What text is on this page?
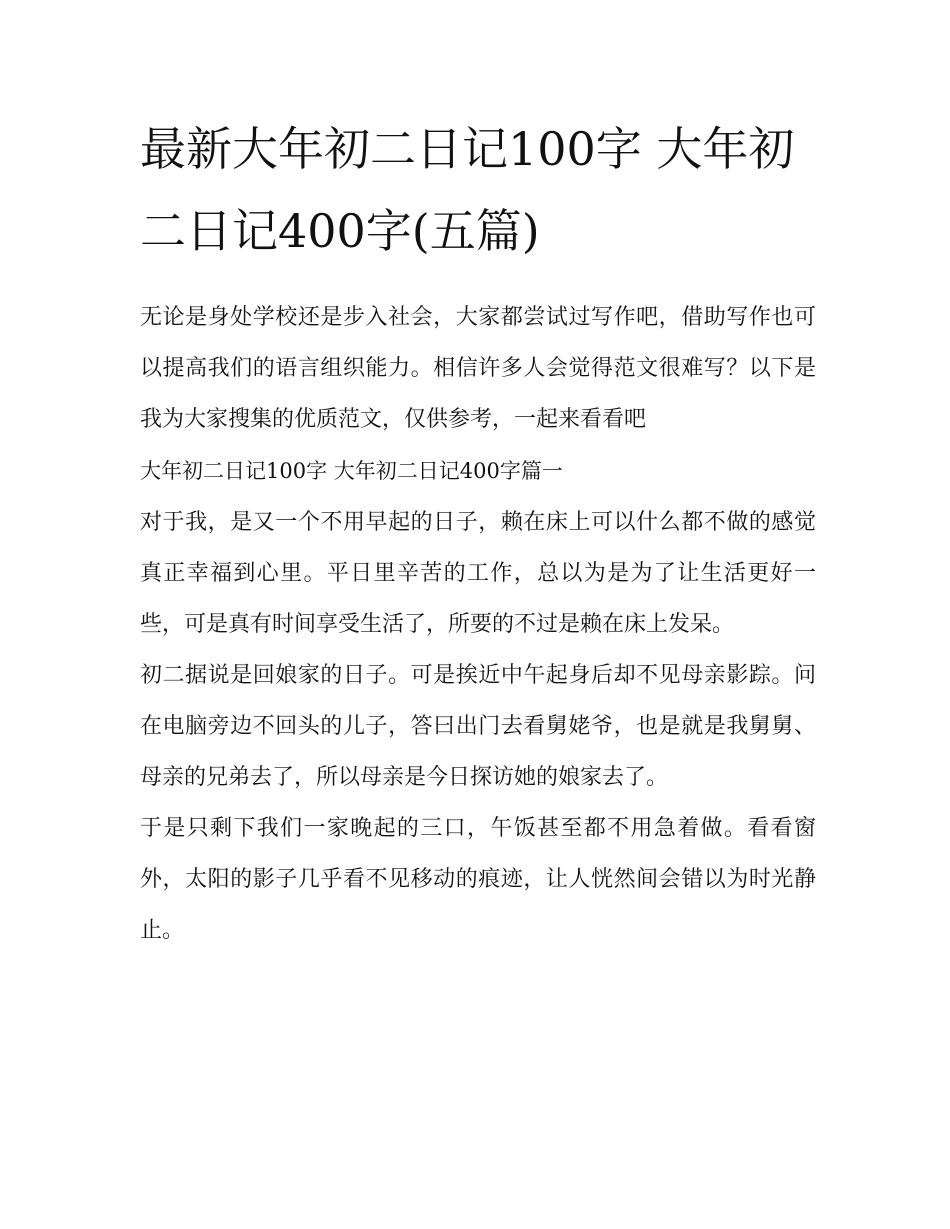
最新大年初二日记100字 大年初二日记400字(五篇)

无论是身处学校还是步入社会，大家都尝试过写作吧，借助写作也可以提高我们的语言组织能力。相信许多人会觉得范文很难写？以下是我为大家搜集的优质范文，仅供参考，一起来看看吧

大年初二日记100字 大年初二日记400字篇一

对于我，是又一个不用早起的日子，赖在床上可以什么都不做的感觉真正幸福到心里。平日里辛苦的工作，总以为是为了让生活更好一些，可是真有时间享受生活了，所要的不过是赖在床上发呆。

初二据说是回娘家的日子。可是挨近中午起身后却不见母亲影踪。问在电脑旁边不回头的儿子，答曰出门去看舅姥爷，也是就是我舅舅、母亲的兄弟去了，所以母亲是今日探访她的娘家去了。

于是只剩下我们一家晚起的三口，午饭甚至都不用急着做。看看窗外，太阳的影子几乎看不见移动的痕迹，让人恍然间会错以为时光静止。
